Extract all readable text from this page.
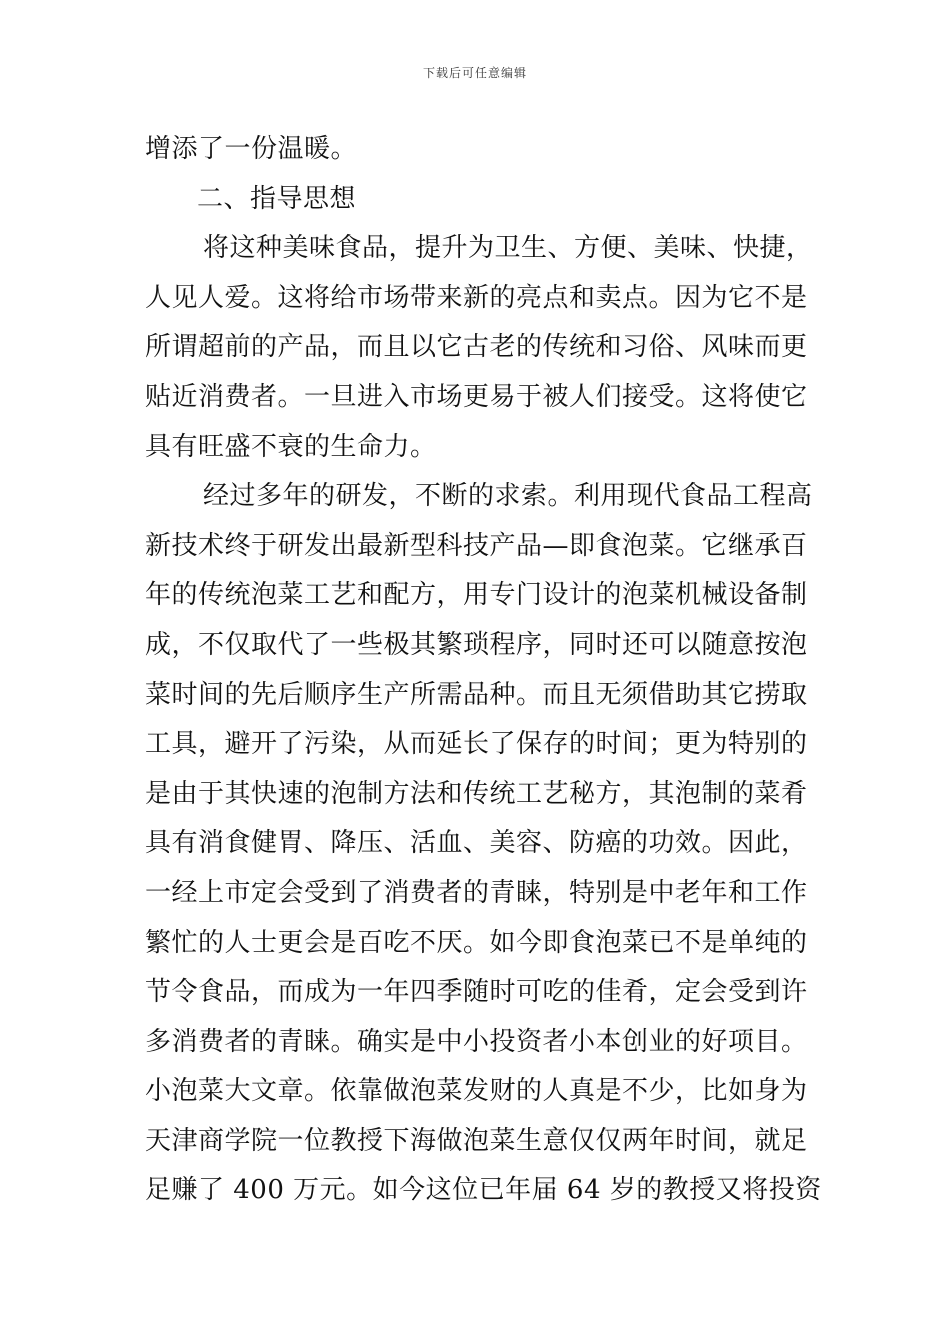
下载后可任意编辑
增添了一份温暖。
二、指导思想
将这种美味食品，提升为卫生、方便、美味、快捷，
人见人爱。这将给市场带来新的亮点和卖点。因为它不是
所谓超前的产品，而且以它古老的传统和习俗、风味而更
贴近消费者。一旦进入市场更易于被人们接受。这将使它
具有旺盛不衰的生命力。
经过多年的研发，不断的求索。利用现代食品工程高
新技术终于研发出最新型科技产品—即食泡菜。它继承百
年的传统泡菜工艺和配方，用专门设计的泡菜机械设备制
成，不仅取代了一些极其繁琐程序，同时还可以随意按泡
菜时间的先后顺序生产所需品种。而且无须借助其它捞取
工具，避开了污染，从而延长了保存的时间；更为特别的
是由于其快速的泡制方法和传统工艺秘方，其泡制的菜肴
具有消食健胃、降压、活血、美容、防癌的功效。因此，
一经上市定会受到了消费者的青睐，特别是中老年和工作
繁忙的人士更会是百吃不厌。如今即食泡菜已不是单纯的
节令食品，而成为一年四季随时可吃的佳肴，定会受到许
多消费者的青睐。确实是中小投资者小本创业的好项目。
小泡菜大文章。依靠做泡菜发财的人真是不少，比如身为
天津商学院一位教授下海做泡菜生意仅仅两年时间，就足
足赚了 400 万元。如今这位已年届 64 岁的教授又将投资
